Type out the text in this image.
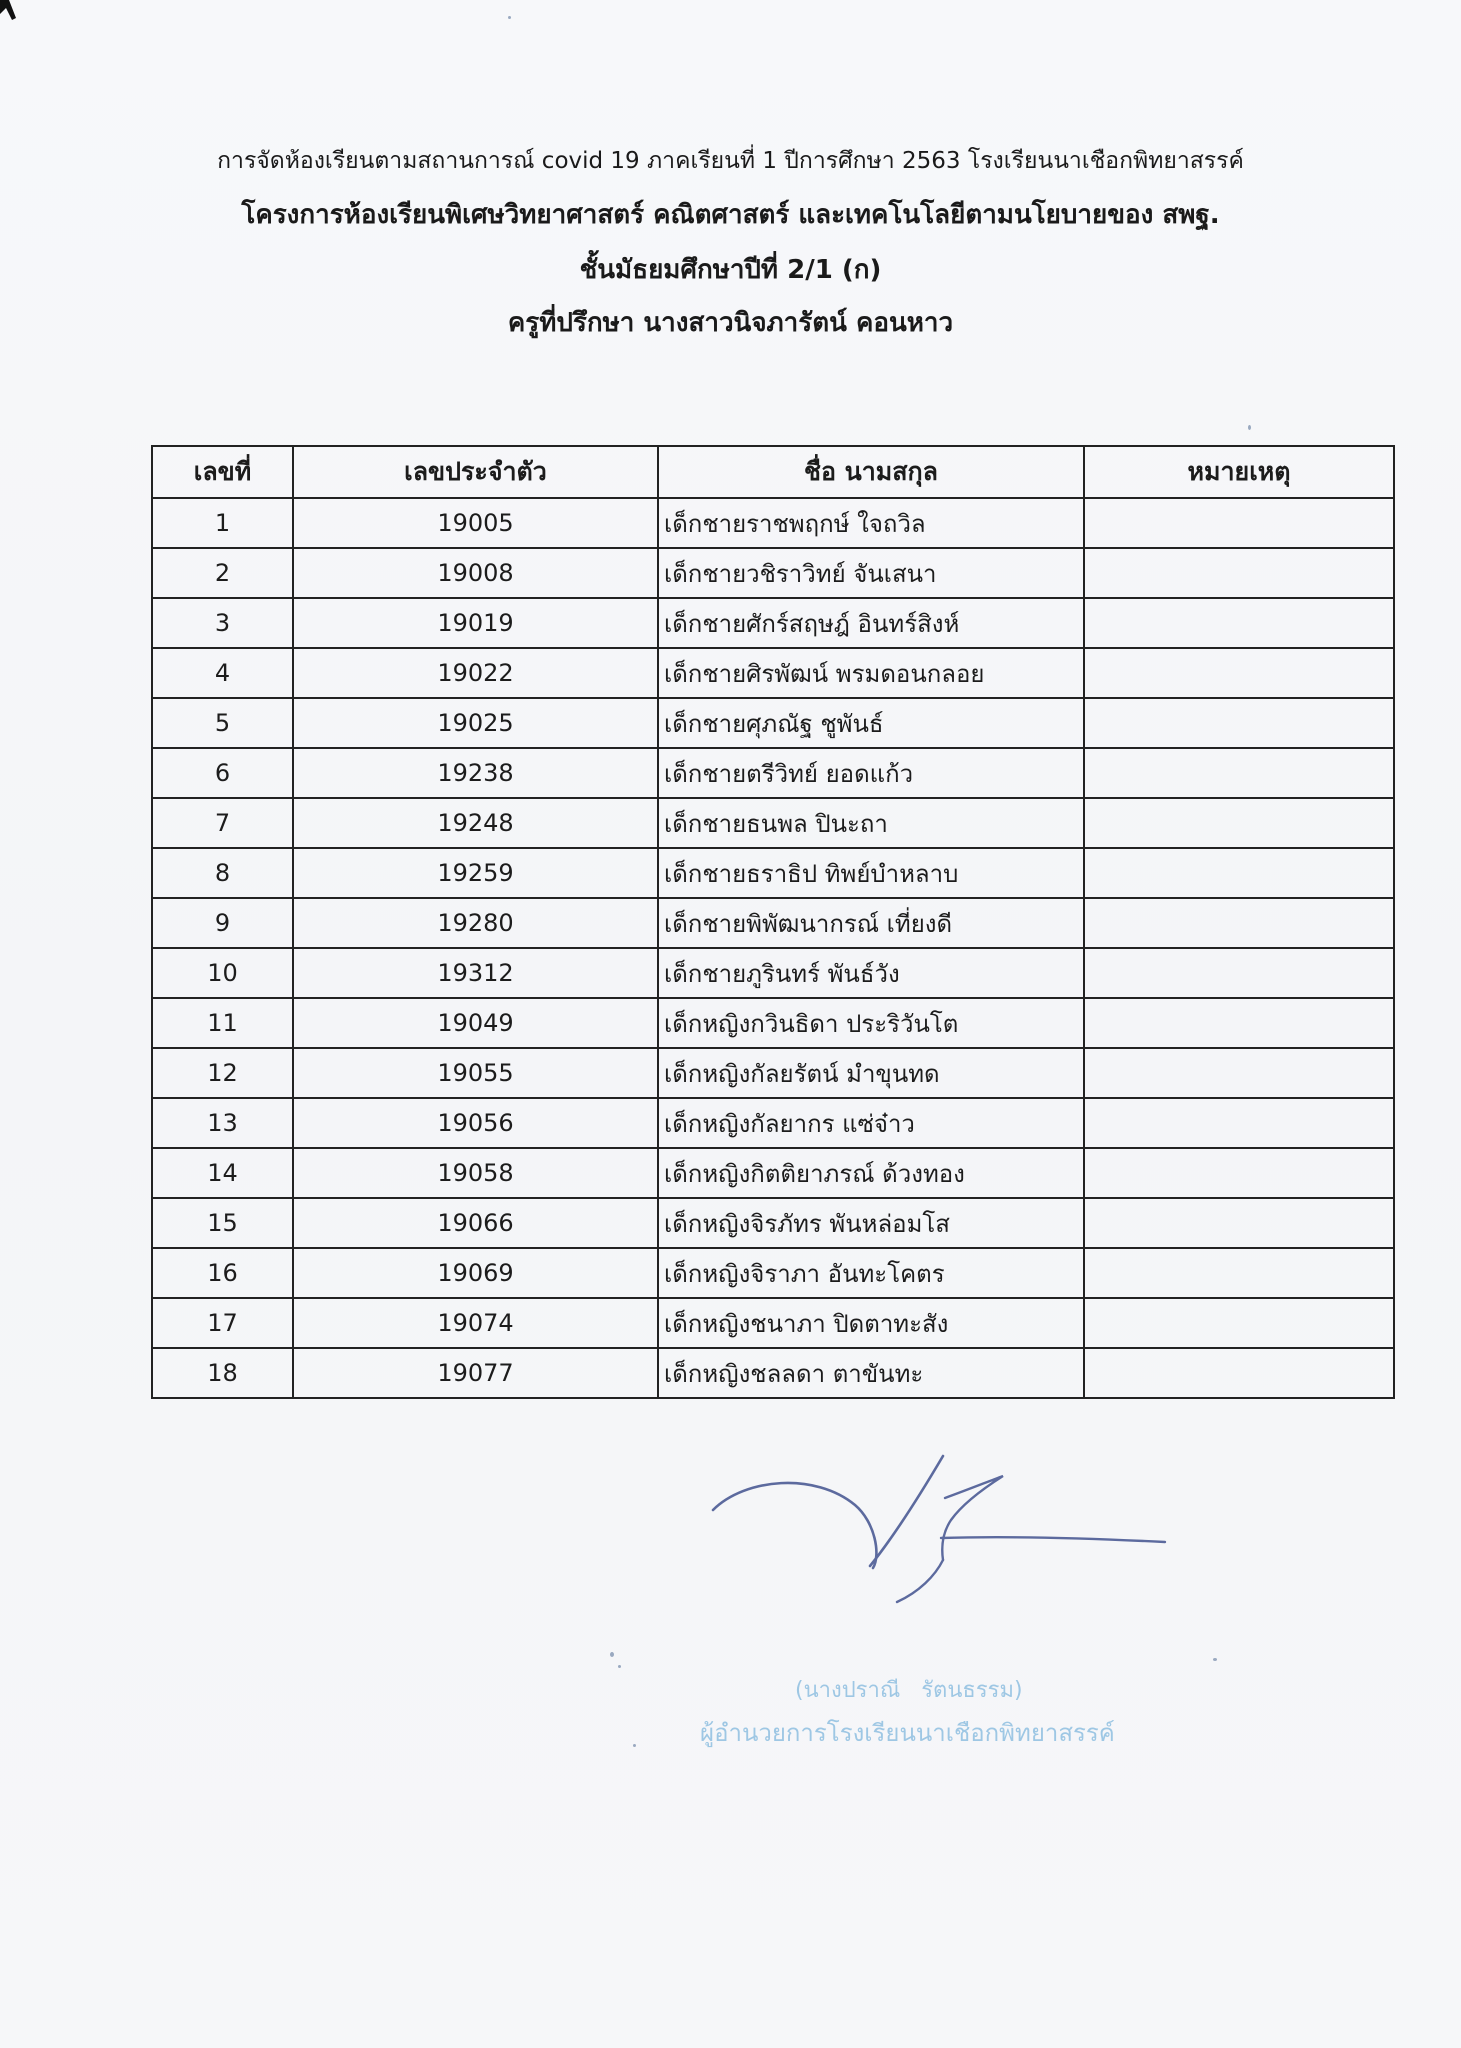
การจัดห้องเรียนตามสถานการณ์ covid 19 ภาคเรียนที่ 1 ปีการศึกษา 2563 โรงเรียนนาเชือกพิทยาสรรค์
โครงการห้องเรียนพิเศษวิทยาศาสตร์ คณิตศาสตร์ และเทคโนโลยีตามนโยบายของ สพฐ.
ชั้นมัธยมศึกษาปีที่ 2/1 (ก)
ครูที่ปรึกษา นางสาวนิจภารัตน์ คอนหาว
เลขที่	เลขประจำตัว	ชื่อ นามสกุล	หมายเหตุ
1	19005	เด็กชายราชพฤกษ์ ใจถวิล	
2	19008	เด็กชายวชิราวิทย์ จันเสนา	
3	19019	เด็กชายศักร์สฤษฎ์ อินทร์สิงห์	
4	19022	เด็กชายศิรพัฒน์ พรมดอนกลอย	
5	19025	เด็กชายศุภณัฐ ชูพันธ์	
6	19238	เด็กชายตรีวิทย์ ยอดแก้ว	
7	19248	เด็กชายธนพล ปินะถา	
8	19259	เด็กชายธราธิป ทิพย์บำหลาบ	
9	19280	เด็กชายพิพัฒนากรณ์ เที่ยงดี	
10	19312	เด็กชายภูรินทร์ พันธ์วัง	
11	19049	เด็กหญิงกวินธิดา ประริวันโต	
12	19055	เด็กหญิงกัลยรัตน์ มำขุนทด	
13	19056	เด็กหญิงกัลยากร แซ่จ๋าว	
14	19058	เด็กหญิงกิตติยาภรณ์ ด้วงทอง	
15	19066	เด็กหญิงจิรภัทร พันหล่อมโส	
16	19069	เด็กหญิงจิราภา อันทะโคตร	
17	19074	เด็กหญิงชนาภา ปิดตาทะสัง	
18	19077	เด็กหญิงชลลดา ตาขันทะ	
(นางปราณี   รัตนธรรม)
ผู้อำนวยการโรงเรียนนาเชือกพิทยาสรรค์
